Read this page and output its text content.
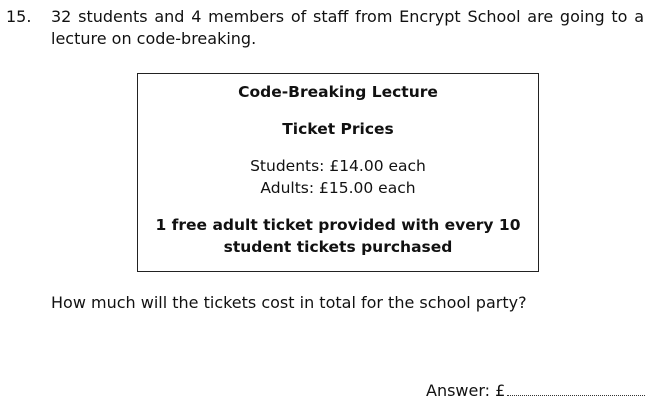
15. 32 students and 4 members of staff from Encrypt School are going to a lecture on code-breaking.
Code-Breaking Lecture
Ticket Prices
Students: £14.00 each
Adults: £15.00 each
1 free adult ticket provided with every 10
student tickets purchased
How much will the tickets cost in total for the school party?
Answer: £
